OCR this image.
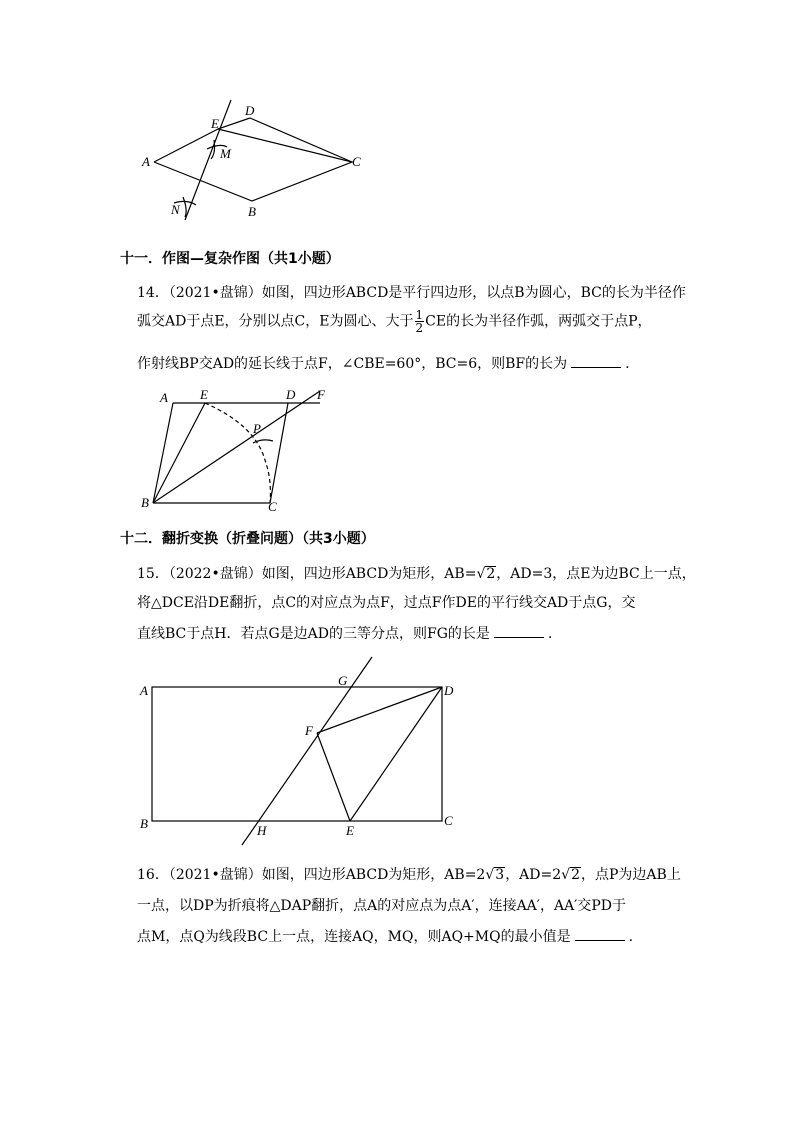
D
E
M
A	C
N	B
十一．作图—复杂作图（共1小题）
14．（2021•盘锦）如图，四边形ABCD是平行四边形，以点B为圆心，BC的长为半径作
弧交AD于点E，分别以点C，E为圆心、大于 $\frac{1}{2}$ CE的长为半径作弧，两弧交于点P，
作射线BP交AD的延长线于点F，∠CBE=60°，BC=6，则BF的长为	.
A E	D F
P
B	C
十二．翻折变换（折叠问题）（共3小题）
15．（2022•盘锦）如图，四边形ABCD为矩形，AB=√2，AD=3，点E为边BC上一点，
将△DCE沿DE翻折，点C的对应点为点F，过点F作DE的平行线交AD于点G，交
直线BC于点H．若点G是边AD的三等分点，则FG的长是	.
A
G
D
F
B	H	E
C
16．（2021•盘锦）如图，四边形ABCD为矩形，AB=2√3，AD=2√2，点P为边AB上
一点，以DP为折痕将△DAP翻折，点A的对应点为点A′，连接AA′，AA′交PD于
点M，点Q为线段BC上一点，连接AQ，MQ，则AQ+MQ的最小值是	.
